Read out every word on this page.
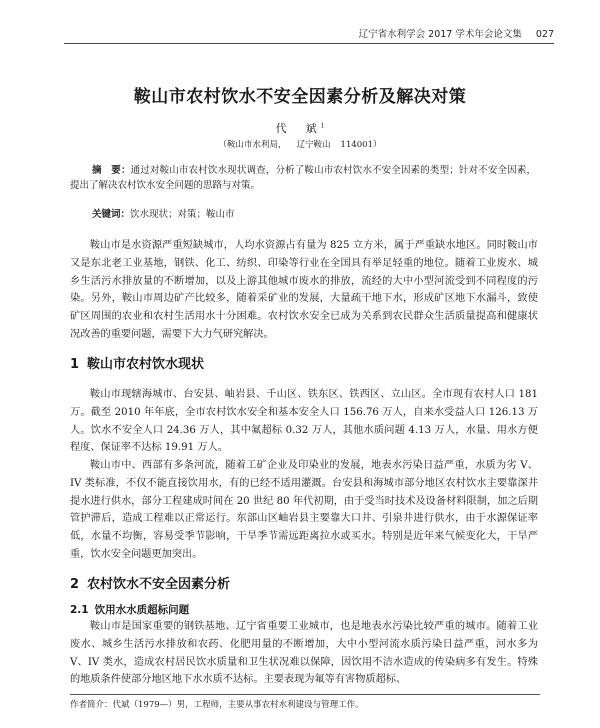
辽宁省水利学会 2017 学术年会论文集 027
鞍山市农村饮水不安全因素分析及解决对策
代　斌$^1$
（鞍山市水利局， 辽宁鞍山 114001）
摘　要：通过对鞍山市农村饮水现状调查，分析了鞍山市农村饮水不安全因素的类型；针对不安全因素，提出了解决农村饮水安全问题的思路与对策。
关键词：饮水现状；对策；鞍山市
鞍山市是水资源严重短缺城市，人均水资源占有量为 825 立方米，属于严重缺水地区。同时鞍山市又是东北老工业基地，钢铁、化工、纺织、印染等行业在全国具有举足轻重的地位。随着工业废水、城乡生活污水排放量的不断增加，以及上游其他城市废水的排放，流经的大中小型河流受到不同程度的污染。另外，鞍山市周边矿产比较多，随着采矿业的发展，大量疏干地下水，形成矿区地下水漏斗，致使矿区周围的农业和农村生活用水十分困难。农村饮水安全已成为关系到农民群众生活质量提高和健康状况改善的重要问题，需要下大力气研究解决。
1 鞍山市农村饮水现状
鞍山市现辖海城市、台安县、岫岩县、千山区、铁东区、铁西区、立山区。全市现有农村人口 181 万。截至 2010 年年底，全市农村饮水安全和基本安全人口 156.76 万人，自来水受益人口 126.13 万人。饮水不安全人口 24.36 万人，其中氟超标 0.32 万人，其他水质问题 4.13 万人，水量、用水方便程度、保证率不达标 19.91 万人。
鞍山市中、西部有多条河流，随着工矿企业及印染业的发展，地表水污染日益严重，水质为劣 V、IV 类标准，不仅不能直接饮用水，有的已经不适用灌溉。台安县和海城市部分地区农村饮水主要靠深井提水进行供水，部分工程建成时间在 20 世纪 80 年代初期，由于受当时技术及设备材料限制，加之后期管护滞后，造成工程难以正常运行。东部山区岫岩县主要靠大口井、引泉井进行供水，由于水源保证率低，水量不均衡，容易受季节影响，干旱季节需远距离拉水或买水。特别是近年来气候变化大，干旱严重，饮水安全问题更加突出。
2 农村饮水不安全因素分析
2.1 饮用水水质超标问题
鞍山市是国家重要的钢铁基地、辽宁省重要工业城市，也是地表水污染比较严重的城市。随着工业废水、城乡生活污水排放和农药、化肥用量的不断增加，大中小型河流水质污染日益严重，河水多为 V、IV 类水，造成农村居民饮水质量和卫生状况难以保障，因饮用不洁水造成的传染病多有发生。特殊的地质条件使部分地区地下水水质不达标。主要表现为氟等有害物质超标、
作者简介：代斌（1979—）男，工程师，主要从事农村水利建设与管理工作。
